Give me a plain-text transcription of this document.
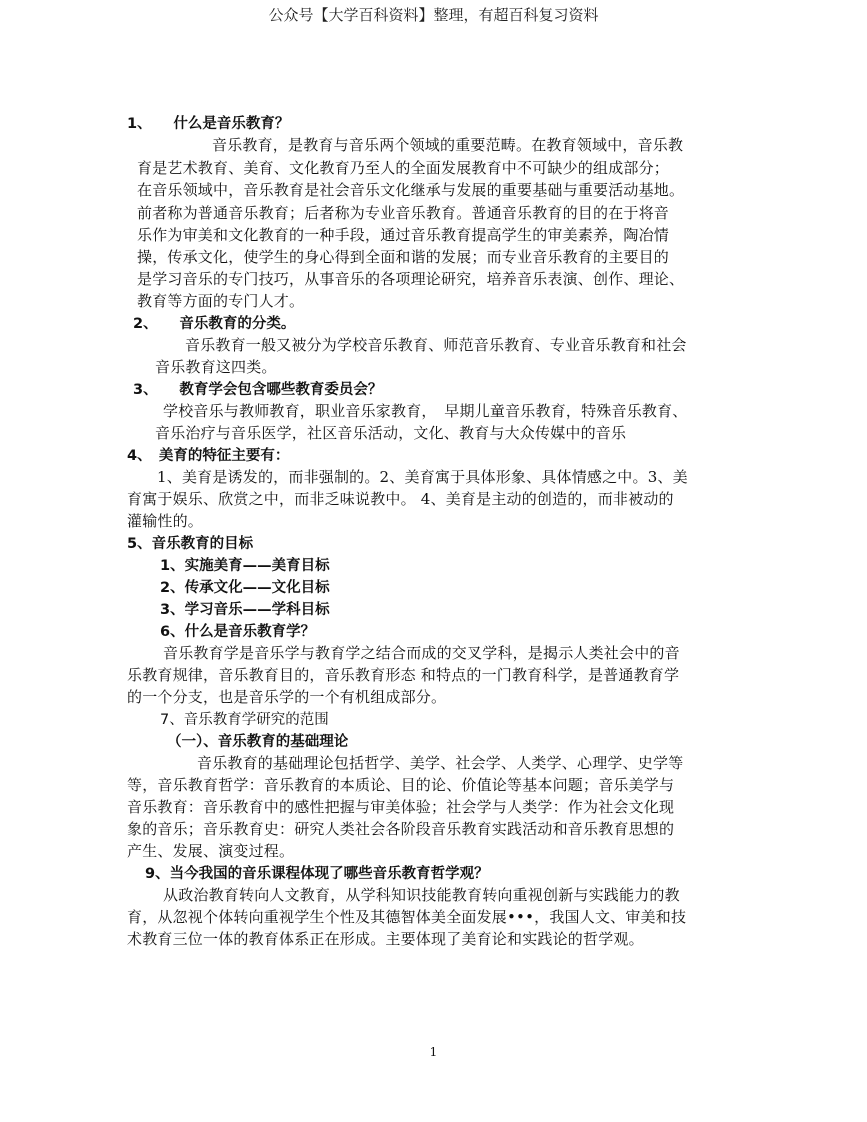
公众号【大学百科资料】整理，有超百科复习资料
1、　　什么是音乐教育？
音乐教育，是教育与音乐两个领域的重要范畴。在教育领域中，音乐教
育是艺术教育、美育、文化教育乃至人的全面发展教育中不可缺少的组成部分；
在音乐领域中，音乐教育是社会音乐文化继承与发展的重要基础与重要活动基地。
前者称为普通音乐教育；后者称为专业音乐教育。普通音乐教育的目的在于将音
乐作为审美和文化教育的一种手段，通过音乐教育提高学生的审美素养，陶冶情
操，传承文化，使学生的身心得到全面和谐的发展；而专业音乐教育的主要目的
是学习音乐的专门技巧，从事音乐的各项理论研究，培养音乐表演、创作、理论、
教育等方面的专门人才。
2、　　音乐教育的分类。
音乐教育一般又被分为学校音乐教育、师范音乐教育、专业音乐教育和社会
音乐教育这四类。
3、　　教育学会包含哪些教育委员会？
学校音乐与教师教育，职业音乐家教育，　早期儿童音乐教育，特殊音乐教育、
音乐治疗与音乐医学，社区音乐活动，文化、教育与大众传媒中的音乐
4、　美育的特征主要有：
1、美育是诱发的，而非强制的。2、美育寓于具体形象、具体情感之中。3、美
育寓于娱乐、欣赏之中，而非乏味说教中。 4、美育是主动的创造的，而非被动的
灌输性的。
5、音乐教育的目标
1、实施美育——美育目标
2、传承文化——文化目标
3、学习音乐——学科目标
6、什么是音乐教育学？
音乐教育学是音乐学与教育学之结合而成的交叉学科，是揭示人类社会中的音
乐教育规律，音乐教育目的，音乐教育形态 和特点的一门教育科学，是普通教育学
的一个分支，也是音乐学的一个有机组成部分。
7、音乐教育学研究的范围
（一）、音乐教育的基础理论
音乐教育的基础理论包括哲学、美学、社会学、人类学、心理学、史学等
等，音乐教育哲学：音乐教育的本质论、目的论、价值论等基本问题；音乐美学与
音乐教育：音乐教育中的感性把握与审美体验；社会学与人类学：作为社会文化现
象的音乐；音乐教育史：研究人类社会各阶段音乐教育实践活动和音乐教育思想的
产生、发展、演变过程。
9、当今我国的音乐课程体现了哪些音乐教育哲学观？
从政治教育转向人文教育，从学科知识技能教育转向重视创新与实践能力的教
育，从忽视个体转向重视学生个性及其德智体美全面发展•••，我国人文、审美和技
术教育三位一体的教育体系正在形成。主要体现了美育论和实践论的哲学观。
1
